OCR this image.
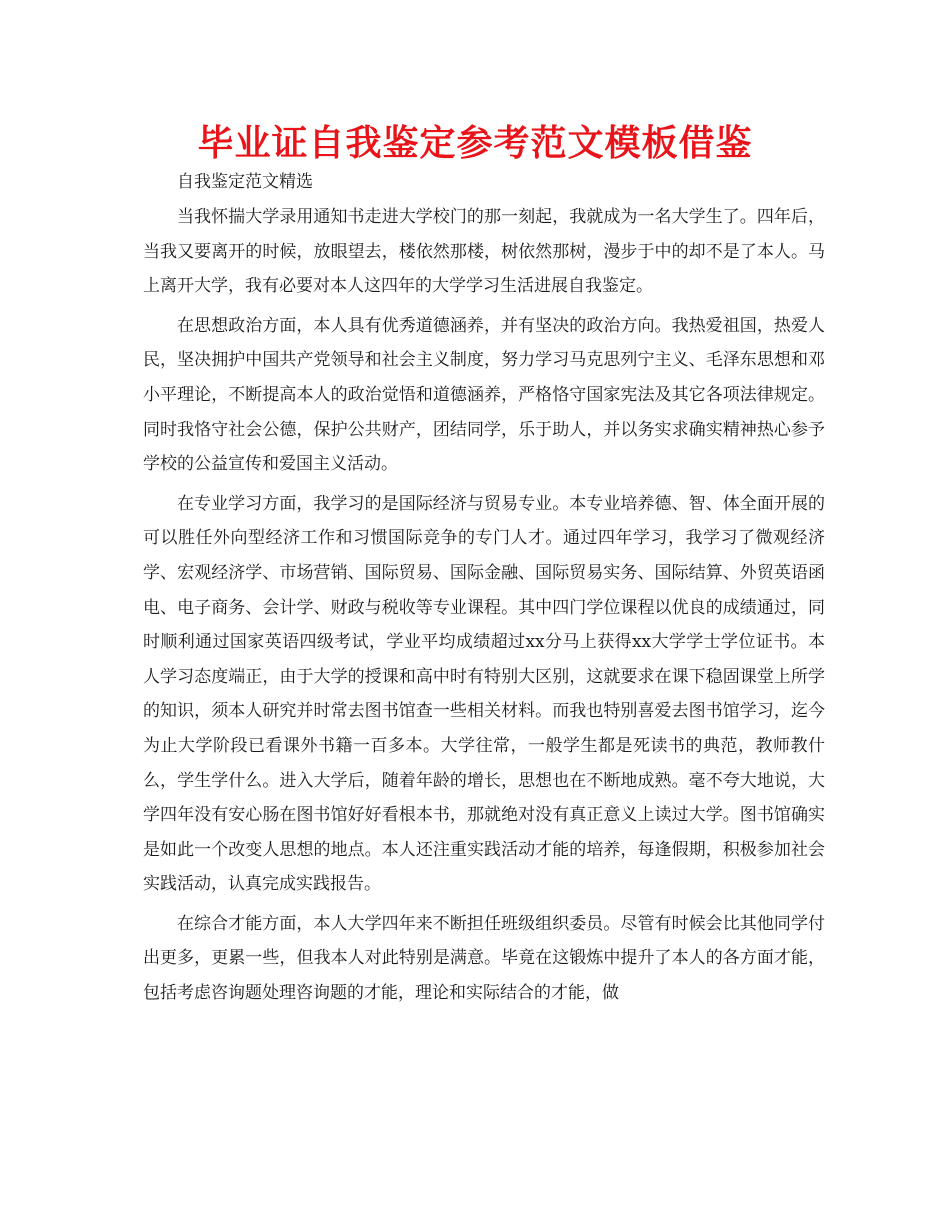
毕业证自我鉴定参考范文模板借鉴

自我鉴定范文精选

当我怀揣大学录用通知书走进大学校门的那一刻起，我就成为一名大学生了。四年后，当我又要离开的时候，放眼望去，楼依然那楼，树依然那树，漫步于中的却不是了本人。马上离开大学，我有必要对本人这四年的大学学习生活进展自我鉴定。

在思想政治方面，本人具有优秀道德涵养，并有坚决的政治方向。我热爱祖国，热爱人民，坚决拥护中国共产党领导和社会主义制度，努力学习马克思列宁主义、毛泽东思想和邓小平理论，不断提高本人的政治觉悟和道德涵养，严格恪守国家宪法及其它各项法律规定。同时我恪守社会公德，保护公共财产，团结同学，乐于助人，并以务实求确实精神热心参予学校的公益宣传和爱国主义活动。

在专业学习方面，我学习的是国际经济与贸易专业。本专业培养德、智、体全面开展的可以胜任外向型经济工作和习惯国际竞争的专门人才。通过四年学习，我学习了微观经济学、宏观经济学、市场营销、国际贸易、国际金融、国际贸易实务、国际结算、外贸英语函电、电子商务、会计学、财政与税收等专业课程。其中四门学位课程以优良的成绩通过，同时顺利通过国家英语四级考试，学业平均成绩超过xx分马上获得xx大学学士学位证书。本人学习态度端正，由于大学的授课和高中时有特别大区别，这就要求在课下稳固课堂上所学的知识，须本人研究并时常去图书馆查一些相关材料。而我也特别喜爱去图书馆学习，迄今为止大学阶段已看课外书籍一百多本。大学往常，一般学生都是死读书的典范，教师教什么，学生学什么。进入大学后，随着年龄的增长，思想也在不断地成熟。毫不夸大地说，大学四年没有安心肠在图书馆好好看根本书，那就绝对没有真正意义上读过大学。图书馆确实是如此一个改变人思想的地点。本人还注重实践活动才能的培养，每逢假期，积极参加社会实践活动，认真完成实践报告。

在综合才能方面，本人大学四年来不断担任班级组织委员。尽管有时候会比其他同学付出更多，更累一些，但我本人对此特别是满意。毕竟在这锻炼中提升了本人的各方面才能，包括考虑咨询题处理咨询题的才能，理论和实际结合的才能，做
